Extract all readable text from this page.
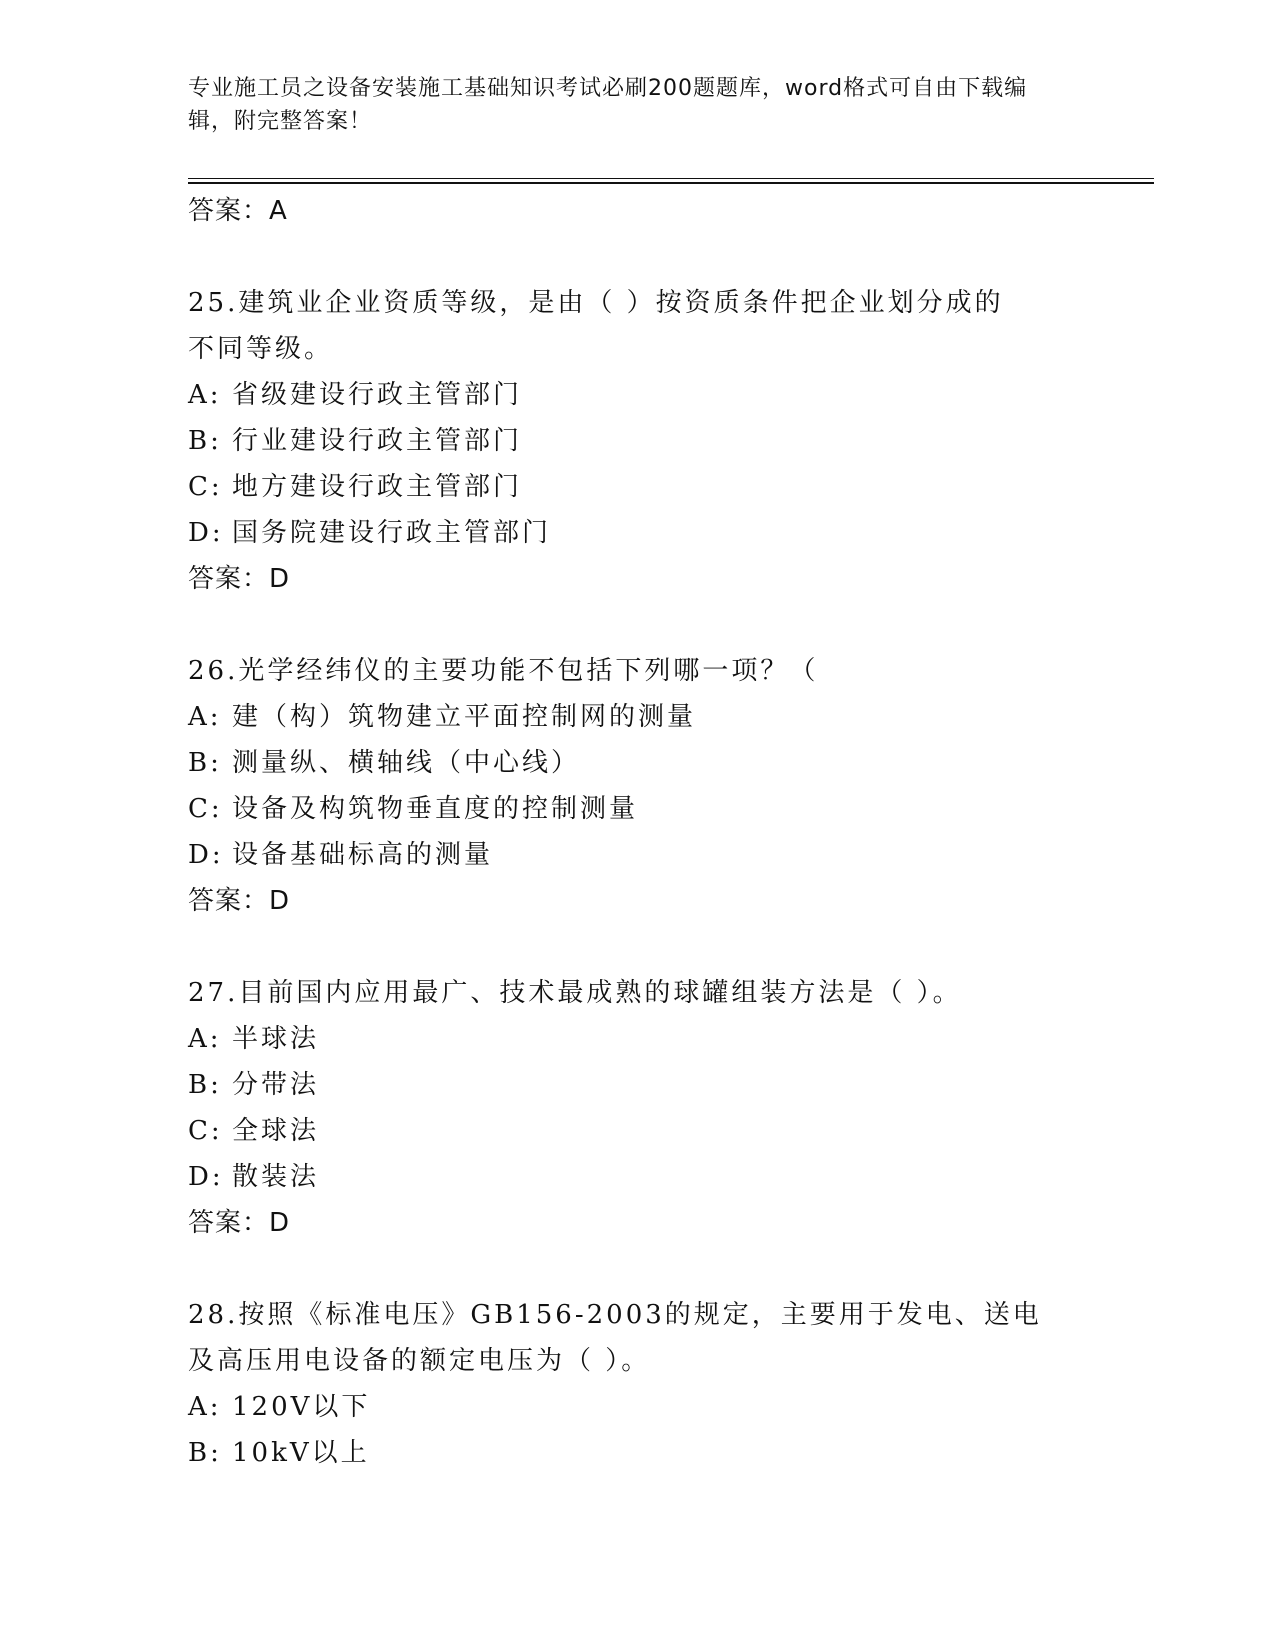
专业施工员之设备安装施工基础知识考试必刷200题题库，word格式可自由下载编辑，附完整答案！
答案：A
25.建筑业企业资质等级，是由（ ）按资质条件把企业划分成的不同等级。
A: 省级建设行政主管部门
B: 行业建设行政主管部门
C: 地方建设行政主管部门
D: 国务院建设行政主管部门
答案：D
26.光学经纬仪的主要功能不包括下列哪一项？（
A: 建（构）筑物建立平面控制网的测量
B: 测量纵、横轴线（中心线）
C: 设备及构筑物垂直度的控制测量
D: 设备基础标高的测量
答案：D
27.目前国内应用最广、技术最成熟的球罐组装方法是（ ）。
A: 半球法
B: 分带法
C: 全球法
D: 散装法
答案：D
28.按照《标准电压》GB156-2003的规定，主要用于发电、送电及高压用电设备的额定电压为（ ）。
A: 120V以下
B: 10kV以上
